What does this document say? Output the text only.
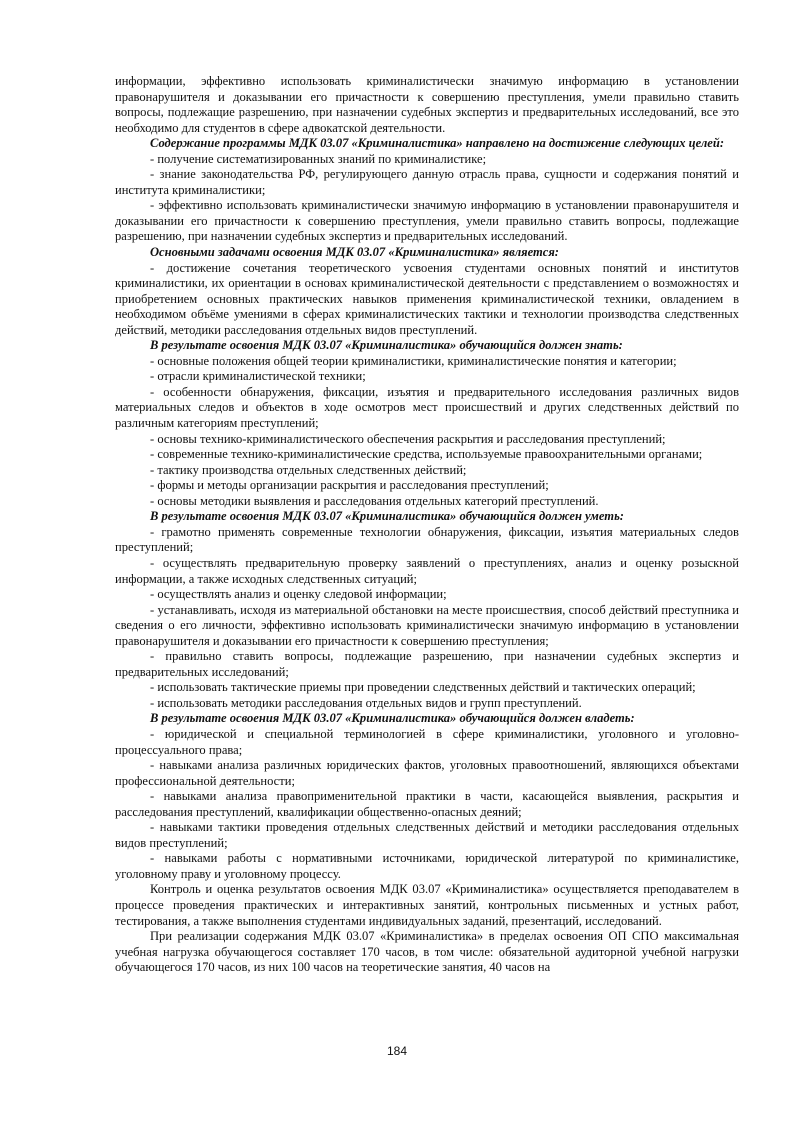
информации, эффективно использовать криминалистически значимую информацию в установлении правонарушителя и доказывании его причастности к совершению преступления, умели правильно ставить вопросы, подлежащие разрешению, при назначении судебных экспертиз и предварительных исследований, все это необходимо для студентов в сфере адвокатской деятельности.

Содержание программы МДК 03.07 «Криминалистика» направлено на достижение следующих целей:

- получение систематизированных знаний по криминалистике;

- знание законодательства РФ, регулирующего данную отрасль права, сущности и содержания понятий и института криминалистики;

- эффективно использовать криминалистически значимую информацию в установлении правонарушителя и доказывании его причастности к совершению преступления, умели правильно ставить вопросы, подлежащие разрешению, при назначении судебных экспертиз и предварительных исследований.

Основными задачами освоения МДК 03.07 «Криминалистика» является:

- достижение сочетания теоретического усвоения студентами основных понятий и институтов криминалистики, их ориентации в основах криминалистической деятельности с представлением о возможностях и приобретением основных практических навыков применения криминалистической техники, овладением в необходимом объёме умениями в сферах криминалистических тактики и технологии производства следственных действий, методики расследования отдельных видов преступлений.

В результате освоения МДК 03.07 «Криминалистика» обучающийся должен знать:

- основные положения общей теории криминалистики, криминалистические понятия и категории;

- отрасли криминалистической техники;

- особенности обнаружения, фиксации, изъятия и предварительного исследования различных видов материальных следов и объектов в ходе осмотров мест происшествий и других следственных действий по различным категориям преступлений;

- основы технико-криминалистического обеспечения раскрытия и расследования преступлений;

- современные технико-криминалистические средства, используемые правоохранительными органами;

- тактику производства отдельных следственных действий;

- формы и методы организации раскрытия и расследования преступлений;

- основы методики выявления и расследования отдельных категорий преступлений.

В результате освоения МДК 03.07 «Криминалистика» обучающийся должен уметь:

- грамотно применять современные технологии обнаружения, фиксации, изъятия материальных следов преступлений;

- осуществлять предварительную проверку заявлений о преступлениях, анализ и оценку розыскной информации, а также исходных следственных ситуаций;

- осуществлять анализ и оценку следовой информации;

- устанавливать, исходя из материальной обстановки на месте происшествия, способ действий преступника и сведения о его личности, эффективно использовать криминалистически значимую информацию в установлении правонарушителя и доказывании его причастности к совершению преступления;

- правильно ставить вопросы, подлежащие разрешению, при назначении судебных экспертиз и предварительных исследований;

- использовать тактические приемы при проведении следственных действий и тактических операций;

- использовать методики расследования отдельных видов и групп преступлений.

В результате освоения МДК 03.07 «Криминалистика» обучающийся должен владеть:

- юридической и специальной терминологией в сфере криминалистики, уголовного и уголовно-процессуального права;

- навыками анализа различных юридических фактов, уголовных правоотношений, являющихся объектами профессиональной деятельности;

- навыками анализа правоприменительной практики в части, касающейся выявления, раскрытия и расследования преступлений, квалификации общественно-опасных деяний;

- навыками тактики проведения отдельных следственных действий и методики расследования отдельных видов преступлений;

- навыками работы с нормативными источниками, юридической литературой по криминалистике, уголовному праву и уголовному процессу.

Контроль и оценка результатов освоения МДК 03.07 «Криминалистика» осуществляется преподавателем в процессе проведения практических и интерактивных занятий, контрольных письменных и устных работ, тестирования, а также выполнения студентами индивидуальных заданий, презентаций, исследований.

При реализации содержания МДК 03.07 «Криминалистика» в пределах освоения ОП СПО максимальная учебная нагрузка обучающегося составляет 170 часов, в том числе: обязательной аудиторной учебной нагрузки обучающегося 170 часов, из них 100 часов на теоретические занятия, 40 часов на

184
